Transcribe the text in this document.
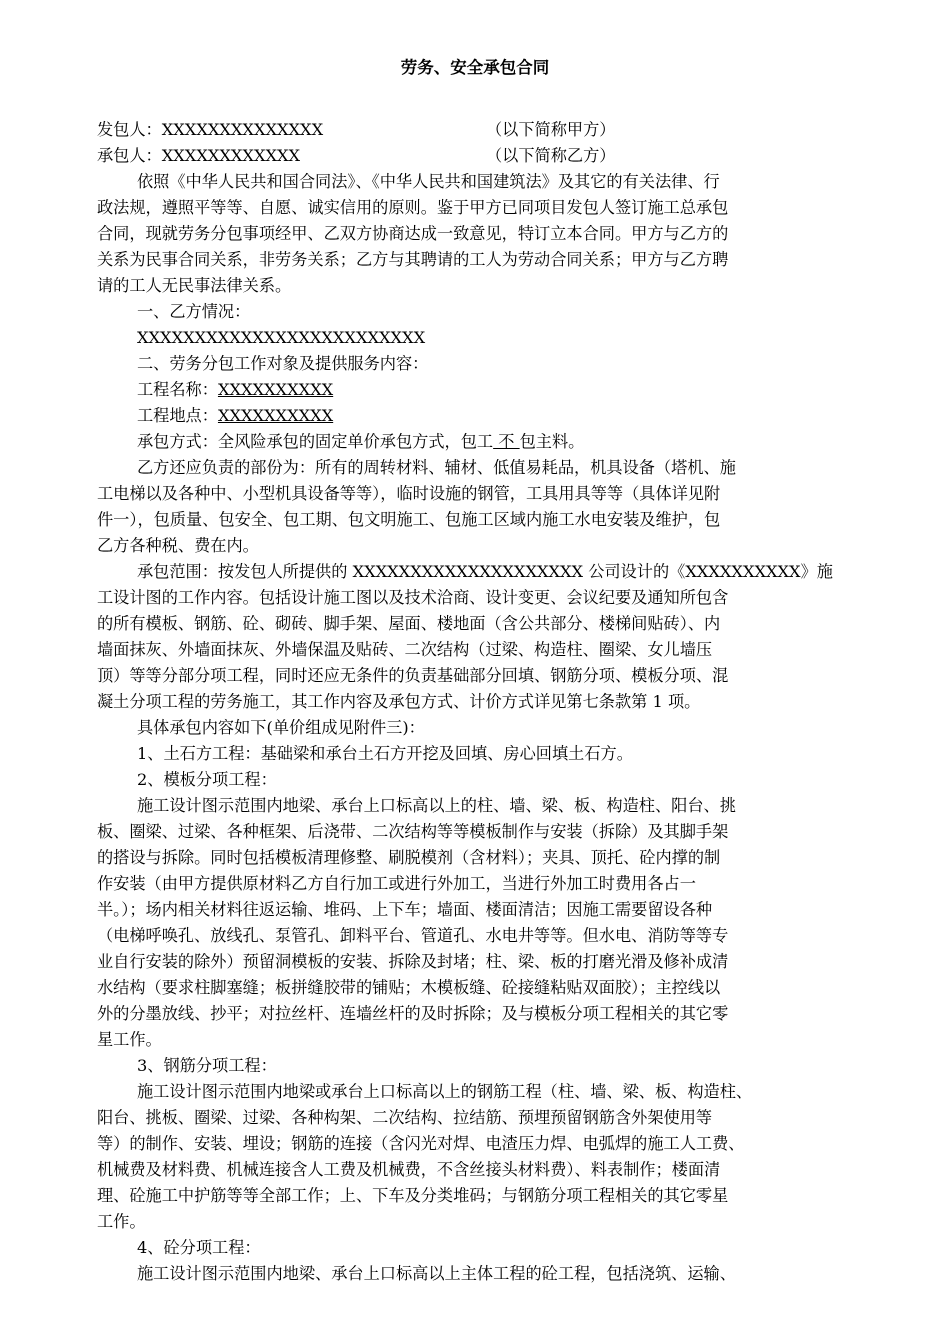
劳务、安全承包合同
发包人：XXXXXXXXXXXXXX	（以下简称甲方）
承包人：XXXXXXXXXXXX	（以下简称乙方）
依照《中华人民共和国合同法》、《中华人民共和国建筑法》及其它的有关法律、行
政法规，遵照平等等、自愿、诚实信用的原则。鉴于甲方已同项目发包人签订施工总承包
合同，现就劳务分包事项经甲、乙双方协商达成一致意见，特订立本合同。甲方与乙方的
关系为民事合同关系，非劳务关系；乙方与其聘请的工人为劳动合同关系；甲方与乙方聘
请的工人无民事法律关系。
一、乙方情况：
XXXXXXXXXXXXXXXXXXXXXXXXX
二、劳务分包工作对象及提供服务内容：
工程名称：XXXXXXXXXX
工程地点：XXXXXXXXXX
承包方式：全风险承包的固定单价承包方式，包工 不 包主料。
乙方还应负责的部份为：所有的周转材料、辅材、低值易耗品，机具设备（塔机、施
工电梯以及各种中、小型机具设备等等），临时设施的钢管，工具用具等等（具体详见附
件一），包质量、包安全、包工期、包文明施工、包施工区域内施工水电安装及维护，包
乙方各种税、费在内。
承包范围：按发包人所提供的 XXXXXXXXXXXXXXXXXXXX 公司设计的《XXXXXXXXXX》施
工设计图的工作内容。包括设计施工图以及技术洽商、设计变更、会议纪要及通知所包含
的所有模板、钢筋、砼、砌砖、脚手架、屋面、楼地面（含公共部分、楼梯间贴砖）、内
墙面抹灰、外墙面抹灰、外墙保温及贴砖、二次结构（过梁、构造柱、圈梁、女儿墙压
顶）等等分部分项工程，同时还应无条件的负责基础部分回填、钢筋分项、模板分项、混
凝土分项工程的劳务施工，其工作内容及承包方式、计价方式详见第七条款第 1 项。
具体承包内容如下(单价组成见附件三)：
1、土石方工程：基础梁和承台土石方开挖及回填、房心回填土石方。
2、模板分项工程：
施工设计图示范围内地梁、承台上口标高以上的柱、墙、梁、板、构造柱、阳台、挑
板、圈梁、过梁、各种框架、后浇带、二次结构等等模板制作与安装（拆除）及其脚手架
的搭设与拆除。同时包括模板清理修整、刷脱模剂（含材料）；夹具、顶托、砼内撑的制
作安装（由甲方提供原材料乙方自行加工或进行外加工，当进行外加工时费用各占一
半。）；场内相关材料往返运输、堆码、上下车；墙面、楼面清洁；因施工需要留设各种
（电梯呼唤孔、放线孔、泵管孔、卸料平台、管道孔、水电井等等。但水电、消防等等专
业自行安装的除外）预留洞模板的安装、拆除及封堵；柱、梁、板的打磨光滑及修补成清
水结构（要求柱脚塞缝；板拼缝胶带的铺贴；木模板缝、砼接缝粘贴双面胶）；主控线以
外的分墨放线、抄平；对拉丝杆、连墙丝杆的及时拆除；及与模板分项工程相关的其它零
星工作。
3、钢筋分项工程：
施工设计图示范围内地梁或承台上口标高以上的钢筋工程（柱、墙、梁、板、构造柱、
阳台、挑板、圈梁、过梁、各种构架、二次结构、拉结筋、预埋预留钢筋含外架使用等
等）的制作、安装、埋设；钢筋的连接（含闪光对焊、电渣压力焊、电弧焊的施工人工费、
机械费及材料费、机械连接含人工费及机械费，不含丝接头材料费）、料表制作；楼面清
理、砼施工中护筋等等全部工作；上、下车及分类堆码；与钢筋分项工程相关的其它零星
工作。
4、砼分项工程：
施工设计图示范围内地梁、承台上口标高以上主体工程的砼工程，包括浇筑、运输、
